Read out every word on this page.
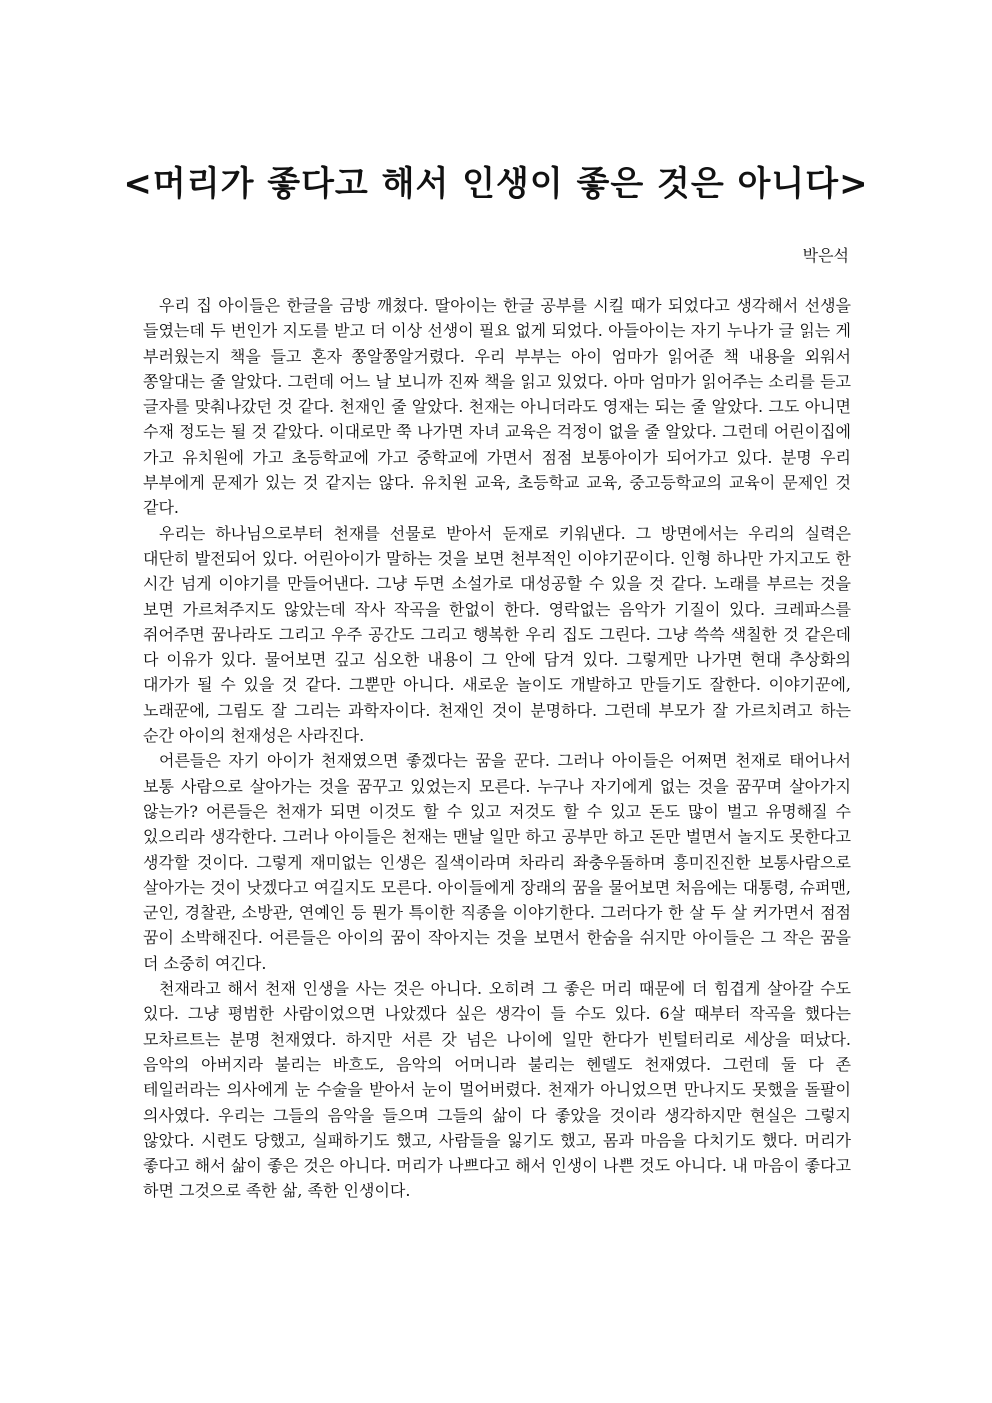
<머리가 좋다고 해서 인생이 좋은 것은 아니다>

박은석

우리 집 아이들은 한글을 금방 깨쳤다. 딸아이는 한글 공부를 시킬 때가 되었다고 생각해서 선생을 들였는데 두 번인가 지도를 받고 더 이상 선생이 필요 없게 되었다. 아들아이는 자기 누나가 글 읽는 게 부러웠는지 책을 들고 혼자 쫑알쫑알거렸다. 우리 부부는 아이 엄마가 읽어준 책 내용을 외워서 쫑알대는 줄 알았다. 그런데 어느 날 보니까 진짜 책을 읽고 있었다. 아마 엄마가 읽어주는 소리를 듣고 글자를 맞춰나갔던 것 같다. 천재인 줄 알았다. 천재는 아니더라도 영재는 되는 줄 알았다. 그도 아니면 수재 정도는 될 것 같았다. 이대로만 쭉 나가면 자녀 교육은 걱정이 없을 줄 알았다. 그런데 어린이집에 가고 유치원에 가고 초등학교에 가고 중학교에 가면서 점점 보통아이가 되어가고 있다. 분명 우리 부부에게 문제가 있는 것 같지는 않다. 유치원 교육, 초등학교 교육, 중고등학교의 교육이 문제인 것 같다.

우리는 하나님으로부터 천재를 선물로 받아서 둔재로 키워낸다. 그 방면에서는 우리의 실력은 대단히 발전되어 있다. 어린아이가 말하는 것을 보면 천부적인 이야기꾼이다. 인형 하나만 가지고도 한 시간 넘게 이야기를 만들어낸다. 그냥 두면 소설가로 대성공할 수 있을 것 같다. 노래를 부르는 것을 보면 가르쳐주지도 않았는데 작사 작곡을 한없이 한다. 영락없는 음악가 기질이 있다. 크레파스를 쥐어주면 꿈나라도 그리고 우주 공간도 그리고 행복한 우리 집도 그린다. 그냥 쓱쓱 색칠한 것 같은데 다 이유가 있다. 물어보면 깊고 심오한 내용이 그 안에 담겨 있다. 그렇게만 나가면 현대 추상화의 대가가 될 수 있을 것 같다. 그뿐만 아니다. 새로운 놀이도 개발하고 만들기도 잘한다. 이야기꾼에, 노래꾼에, 그림도 잘 그리는 과학자이다. 천재인 것이 분명하다. 그런데 부모가 잘 가르치려고 하는 순간 아이의 천재성은 사라진다.

어른들은 자기 아이가 천재였으면 좋겠다는 꿈을 꾼다. 그러나 아이들은 어쩌면 천재로 태어나서 보통 사람으로 살아가는 것을 꿈꾸고 있었는지 모른다. 누구나 자기에게 없는 것을 꿈꾸며 살아가지 않는가? 어른들은 천재가 되면 이것도 할 수 있고 저것도 할 수 있고 돈도 많이 벌고 유명해질 수 있으리라 생각한다. 그러나 아이들은 천재는 맨날 일만 하고 공부만 하고 돈만 벌면서 놀지도 못한다고 생각할 것이다. 그렇게 재미없는 인생은 질색이라며 차라리 좌충우돌하며 흥미진진한 보통사람으로 살아가는 것이 낫겠다고 여길지도 모른다. 아이들에게 장래의 꿈을 물어보면 처음에는 대통령, 슈퍼맨, 군인, 경찰관, 소방관, 연예인 등 뭔가 특이한 직종을 이야기한다. 그러다가 한 살 두 살 커가면서 점점 꿈이 소박해진다. 어른들은 아이의 꿈이 작아지는 것을 보면서 한숨을 쉬지만 아이들은 그 작은 꿈을 더 소중히 여긴다.

천재라고 해서 천재 인생을 사는 것은 아니다. 오히려 그 좋은 머리 때문에 더 힘겹게 살아갈 수도 있다. 그냥 평범한 사람이었으면 나았겠다 싶은 생각이 들 수도 있다. 6살 때부터 작곡을 했다는 모차르트는 분명 천재였다. 하지만 서른 갓 넘은 나이에 일만 한다가 빈털터리로 세상을 떠났다. 음악의 아버지라 불리는 바흐도, 음악의 어머니라 불리는 헨델도 천재였다. 그런데 둘 다 존 테일러라는 의사에게 눈 수술을 받아서 눈이 멀어버렸다. 천재가 아니었으면 만나지도 못했을 돌팔이 의사였다. 우리는 그들의 음악을 들으며 그들의 삶이 다 좋았을 것이라 생각하지만 현실은 그렇지 않았다. 시련도 당했고, 실패하기도 했고, 사람들을 잃기도 했고, 몸과 마음을 다치기도 했다. 머리가 좋다고 해서 삶이 좋은 것은 아니다. 머리가 나쁘다고 해서 인생이 나쁜 것도 아니다. 내 마음이 좋다고 하면 그것으로 족한 삶, 족한 인생이다.
